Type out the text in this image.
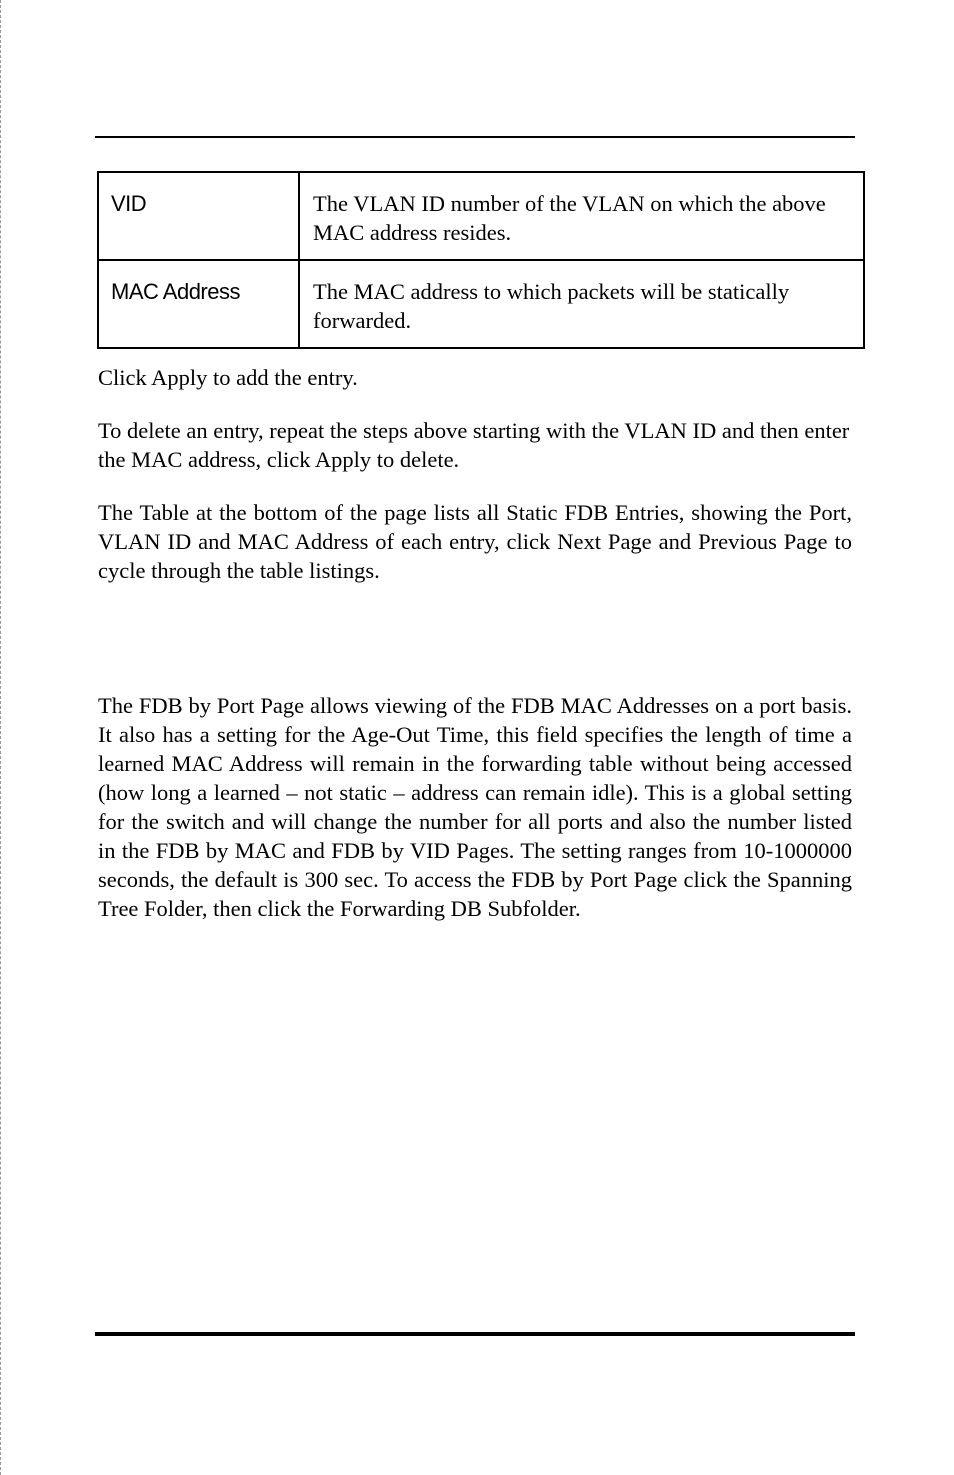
VID	The VLAN ID number of the VLAN on which the above MAC address resides.

MAC Address	The MAC address to which packets will be statically forwarded.

Click Apply to add the entry.

To delete an entry, repeat the steps above starting with the VLAN ID and then enter the MAC address, click Apply to delete.

The Table at the bottom of the page lists all Static FDB Entries, showing the Port, VLAN ID and MAC Address of each entry, click Next Page and Previous Page to cycle through the table listings.

The FDB by Port Page allows viewing of the FDB MAC Addresses on a port basis. It also has a setting for the Age-Out Time, this field specifies the length of time a learned MAC Address will remain in the forwarding table without being accessed (how long a learned – not static – address can remain idle). This is a global setting for the switch and will change the number for all ports and also the number listed in the FDB by MAC and FDB by VID Pages. The setting ranges from 10-1000000 seconds, the default is 300 sec. To access the FDB by Port Page click the Spanning Tree Folder, then click the Forwarding DB Subfolder.
